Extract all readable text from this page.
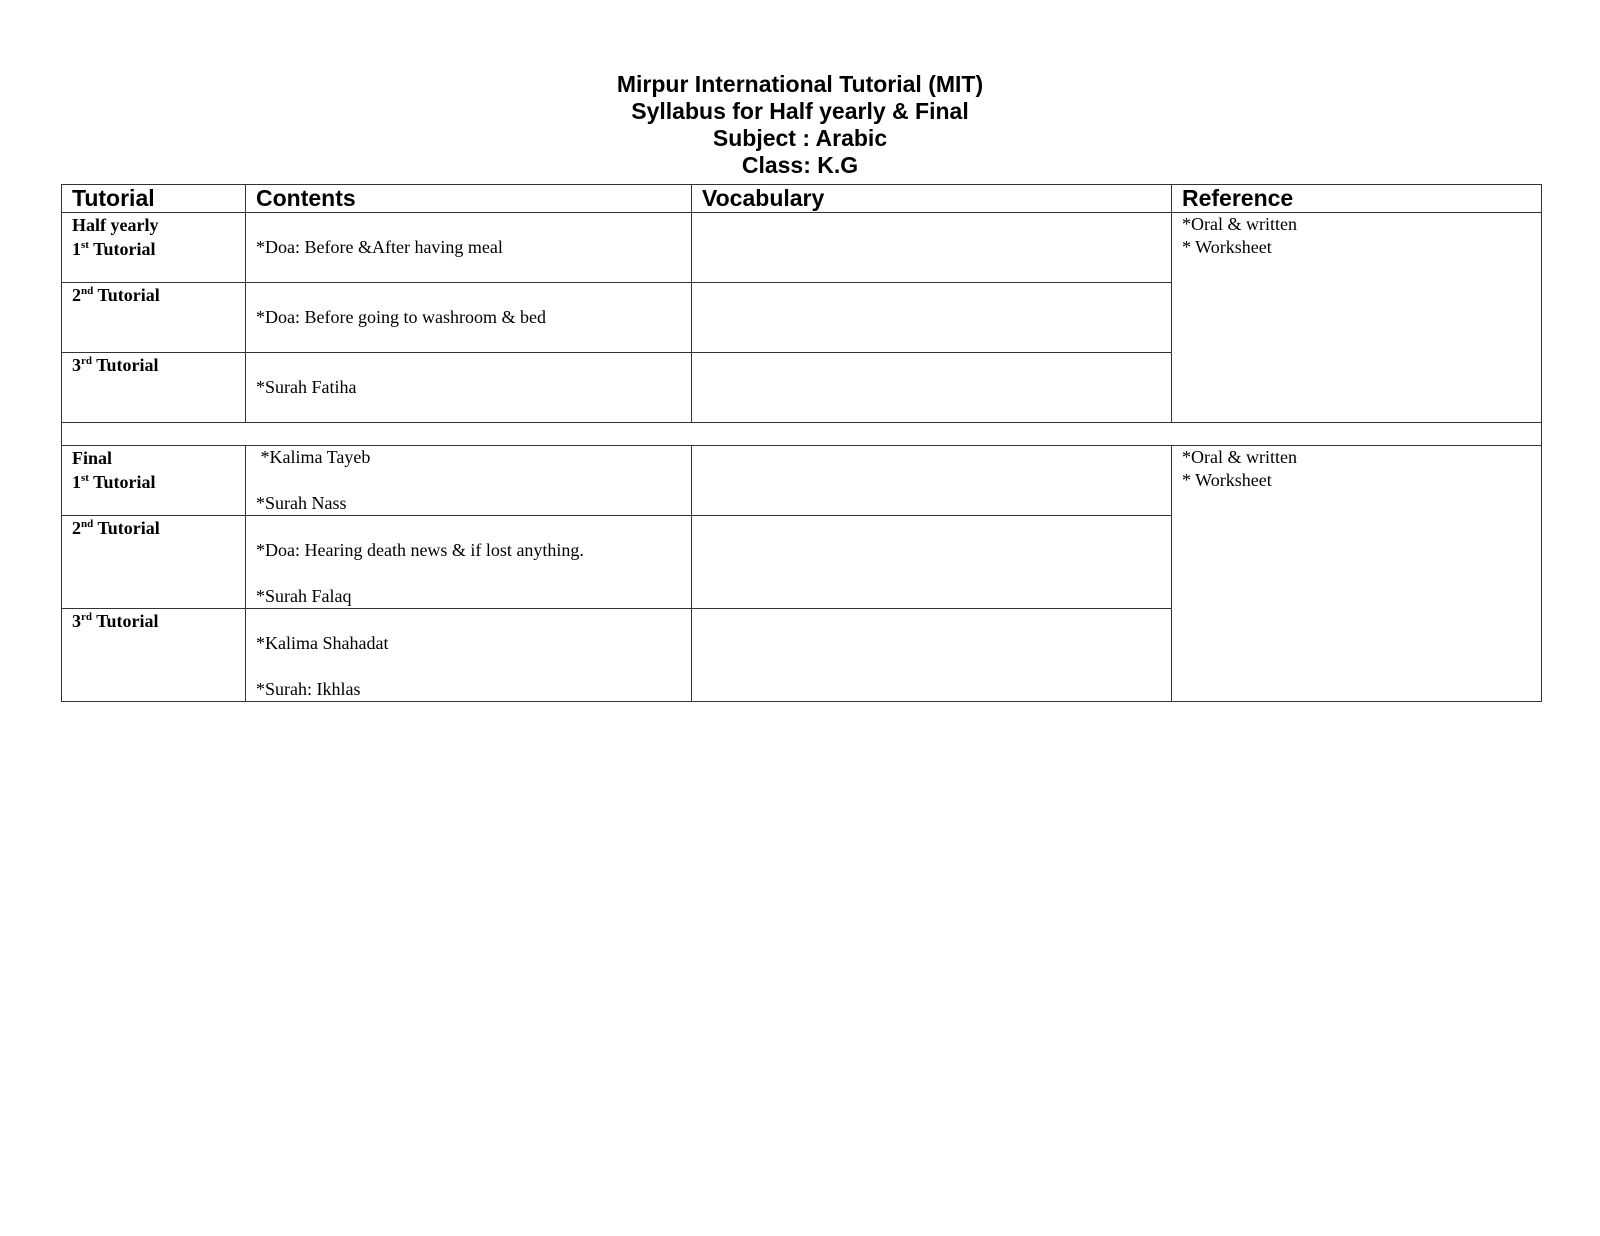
Mirpur International Tutorial (MIT)
Syllabus for Half yearly & Final
Subject : Arabic
Class: K.G
Tutorial	Contents	Vocabulary	Reference

Half yearly
1st Tutorial	*Doa: Before &After having meal		*Oral & written
* Worksheet

2nd Tutorial	*Doa: Before going to washroom & bed		

3rd Tutorial	*Surah Fatiha		

Final
1st Tutorial	*Kalima Tayeb
*Surah Nass		*Oral & written
* Worksheet

2nd Tutorial	*Doa: Hearing death news & if lost anything.
*Surah Falaq		

3rd Tutorial	*Kalima Shahadat
*Surah: Ikhlas		
